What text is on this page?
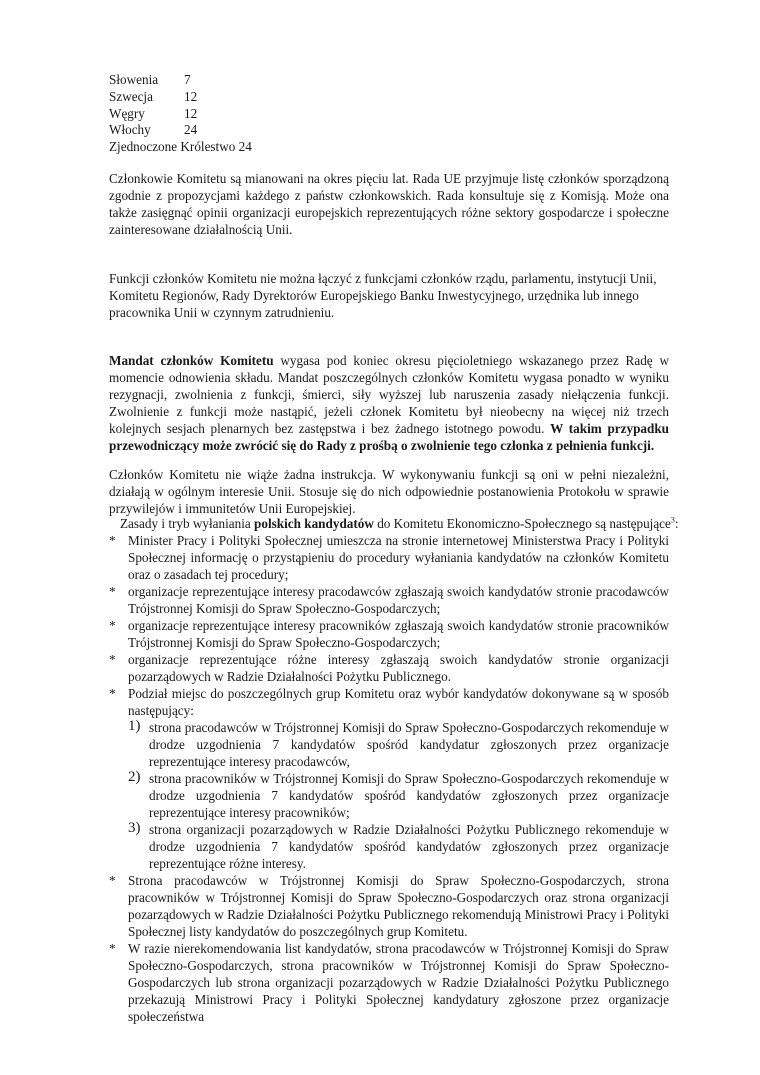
Słowenia 7
Szwecja 12
Węgry	12
Włochy	24
Zjednoczone Królestwo 24

Członkowie Komitetu są mianowani na okres pięciu lat. Rada UE przyjmuje listę członków sporządzoną zgodnie z propozycjami każdego z państw członkowskich. Rada konsultuje się z Komisją. Może ona także zasięgnąć opinii organizacji europejskich reprezentujących różne sektory gospodarcze i społeczne zainteresowane działalnością Unii.

Funkcji członków Komitetu nie można łączyć z funkcjami członków rządu, parlamentu, instytucji Unii, Komitetu Regionów, Rady Dyrektorów Europejskiego Banku Inwestycyjnego, urzędnika lub innego pracownika Unii w czynnym zatrudnieniu.

Mandat członków Komitetu wygasa pod koniec okresu pięcioletniego wskazanego przez Radę w momencie odnowienia składu. Mandat poszczególnych członków Komitetu wygasa ponadto w wyniku rezygnacji, zwolnienia z funkcji, śmierci, siły wyższej lub naruszenia zasady niełączenia funkcji. Zwolnienie z funkcji może nastąpić, jeżeli członek Komitetu był nieobecny na więcej niż trzech kolejnych sesjach plenarnych bez zastępstwa i bez żadnego istotnego powodu. W takim przypadku przewodniczący może zwrócić się do Rady z prośbą o zwolnienie tego członka z pełnienia funkcji.

Członków Komitetu nie wiąże żadna instrukcja. W wykonywaniu funkcji są oni w pełni niezależni, działają w ogólnym interesie Unii. Stosuje się do nich odpowiednie postanowienia Protokołu w sprawie przywilejów i immunitetów Unii Europejskiej.

Zasady i tryb wyłaniania polskich kandydatów do Komitetu Ekonomiczno-Społecznego są następujące$^3$:
* Minister Pracy i Polityki Społecznej umieszcza na stronie internetowej Ministerstwa Pracy i Polityki Społecznej informację o przystąpieniu do procedury wyłaniania kandydatów na członków Komitetu oraz o zasadach tej procedury;
* organizacje reprezentujące interesy pracodawców zgłaszają swoich kandydatów stronie pracodawców Trójstronnej Komisji do Spraw Społeczno-Gospodarczych;
* organizacje reprezentujące interesy pracowników zgłaszają swoich kandydatów stronie pracowników Trójstronnej Komisji do Spraw Społeczno-Gospodarczych;
* organizacje reprezentujące różne interesy zgłaszają swoich kandydatów stronie organizacji pozarządowych w Radzie Działalności Pożytku Publicznego.
* Podział miejsc do poszczególnych grup Komitetu oraz wybór kandydatów dokonywane są w sposób następujący:
1) strona pracodawców w Trójstronnej Komisji do Spraw Społeczno-Gospodarczych rekomenduje w drodze uzgodnienia 7 kandydatów spośród kandydatur zgłoszonych przez organizacje reprezentujące interesy pracodawców,
2) strona pracowników w Trójstronnej Komisji do Spraw Społeczno-Gospodarczych rekomenduje w drodze uzgodnienia 7 kandydatów spośród kandydatów zgłoszonych przez organizacje reprezentujące interesy pracowników;
3) strona organizacji pozarządowych w Radzie Działalności Pożytku Publicznego rekomenduje w drodze uzgodnienia 7 kandydatów spośród kandydatów zgłoszonych przez organizacje reprezentujące różne interesy.
* Strona pracodawców w Trójstronnej Komisji do Spraw Społeczno-Gospodarczych, strona pracowników w Trójstronnej Komisji do Spraw Społeczno-Gospodarczych oraz strona organizacji pozarządowych w Radzie Działalności Pożytku Publicznego rekomendują Ministrowi Pracy i Polityki Społecznej listy kandydatów do poszczególnych grup Komitetu.
* W razie nierekomendowania list kandydatów, strona pracodawców w Trójstronnej Komisji do Spraw Społeczno-Gospodarczych, strona pracowników w Trójstronnej Komisji do Spraw Społeczno-Gospodarczych lub strona organizacji pozarządowych w Radzie Działalności Pożytku Publicznego przekazują Ministrowi Pracy i Polityki Społecznej kandydatury zgłoszone przez organizacje społeczeństwa
